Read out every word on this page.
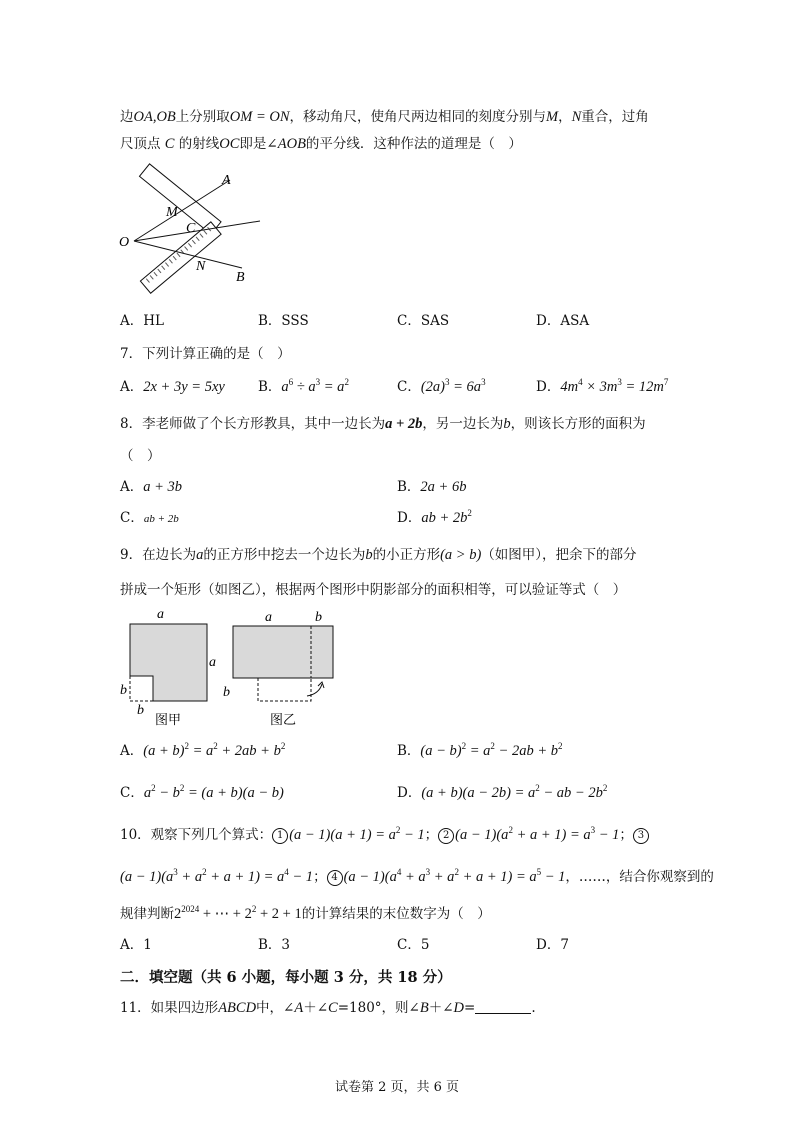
边OA,OB上分别取OM = ON，移动角尺，使角尺两边相同的刻度分别与M，N重合，过角
尺顶点 C 的射线OC即是∠AOB的平分线．这种作法的道理是（　）
A
M
C
O
N
B
A．HL	B．SSS	C．SAS	D．ASA
7．下列计算正确的是（　）
A．2x + 3y = 5xy B．$a^6 \div a^3 = a^2$	C．$(2a)^3 = 6a^3$	D．$4m^4 \times 3m^3 = 12m^7$
8．李老师做了个长方形教具，其中一边长为a + 2b，另一边长为b，则该长方形的面积为
（　）
A．a + 3b	B．2a + 6b
C．ab + 2b	D．ab + $2b^2$
9．在边长为a的正方形中挖去一个边长为b的小正方形(a > b)（如图甲），把余下的部分
拼成一个矩形（如图乙），根据两个图形中阴影部分的面积相等，可以验证等式（　）
a
a
b
b
图甲
a	b
b
图乙
A．$(a + b)^2 = a^2 + 2ab + b^2$	B．$(a - b)^2 = a^2 - 2ab + b^2$
C．$a^2 - b^2 = (a + b)(a - b)$	D．$(a + b)(a - 2b) = a^2$ − ab − $2b^2$
10．观察下列几个算式： 1 $(a - 1)(a + 1) = a^2 - 1$； 2 $(a - 1)(a^2 + a + 1) = a^3 - 1$； 3
$(a - 1)(a^3 + a^2 + a + 1) = a^4 - 1$； 4 $(a - 1)(a^4 + a^3 + a^2 + a + 1) = a^5 - 1$，……，结合你观察到的
规律判断$2^{2024}$ + ⋯ + $2^2 + 2 + 1$的计算结果的末位数字为（　）
A．1	B．3	C．5	D．7
二．填空题（共 6 小题，每小题 3 分，共 18 分）
11．如果四边形ABCD中，∠A＋∠C=180°，则∠B＋∠D=	.
试卷第 2 页，共 6 页
